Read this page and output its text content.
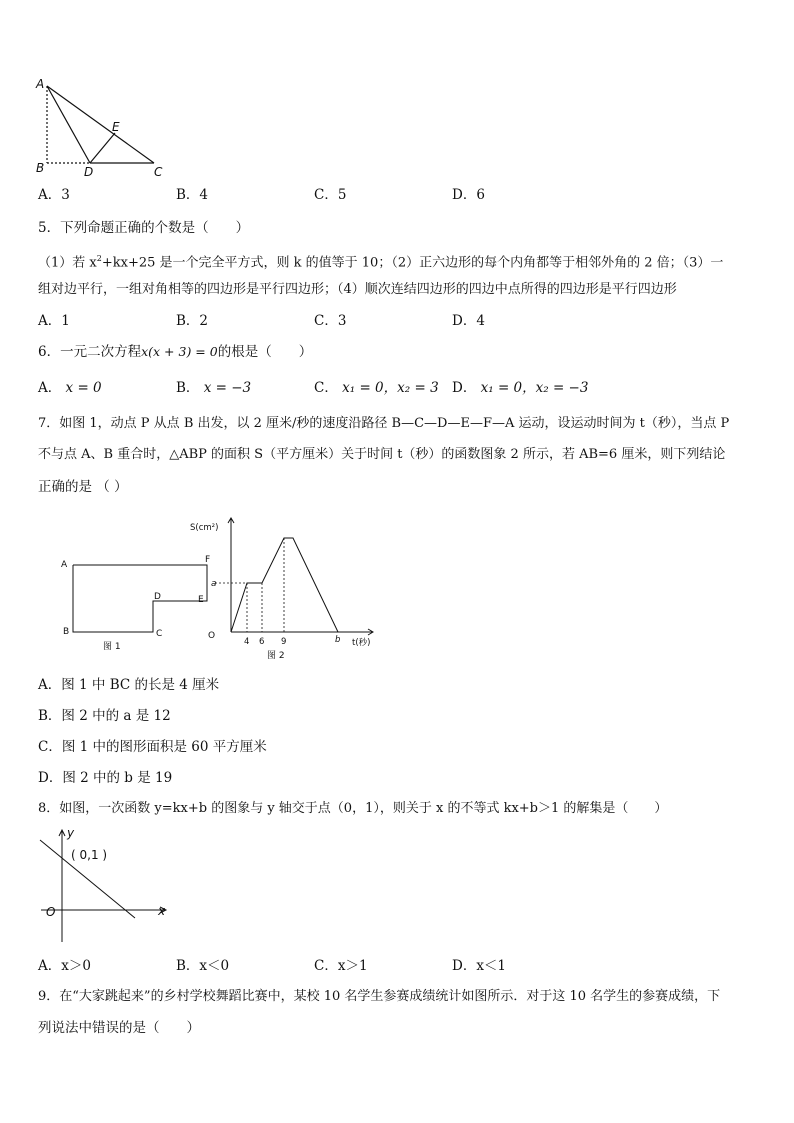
A
E
B	D	C
A．3	B．4	C．5	D．6
5．下列命题正确的个数是（　　）
（1）若 $x^2+kx+25$ 是一个完全平方式，则 k 的值等于 10；（2）正六边形的每个内角都等于相邻外角的 2 倍；（3）一
组对边平行，一组对角相等的四边形是平行四边形；（4）顺次连结四边形的四边中点所得的四边形是平行四边形
A．1	B．2	C．3	D．4
6．一元二次方程x(x + 3) = 0的根是（　　）
A． x = 0	B． x = −3	C． x₁ = 0，x₂ = 3 D． x₁ = 0，x₂ = −3
7．如图 1，动点 P 从点 B 出发，以 2 厘米/秒的速度沿路径 B—C—D—E—F—A 运动，设运动时间为 t（秒），当点 P
不与点 A、B 重合时，△ABP 的面积 S（平方厘米）关于时间 t（秒）的函数图象 2 所示，若 AB=6 厘米，则下列结论
正确的是 （ ）
A
B	C
D	E
F
图 1
S(cm²)
a
O
4 6 9	b t(秒)
图 2
A．图 1 中 BC 的长是 4 厘米
B．图 2 中的 a 是 12
C．图 1 中的图形面积是 60 平方厘米
D．图 2 中的 b 是 19
8．如图，一次函数 y=kx+b 的图象与 y 轴交于点（0，1），则关于 x 的不等式 kx+b＞1 的解集是（　　）
y
x
O
( 0,1 )
A．x＞0	B．x＜0	C．x＞1	D．x＜1
9．在“大家跳起来”的乡村学校舞蹈比赛中，某校 10 名学生参赛成绩统计如图所示．对于这 10 名学生的参赛成绩，下
列说法中错误的是（　　）
